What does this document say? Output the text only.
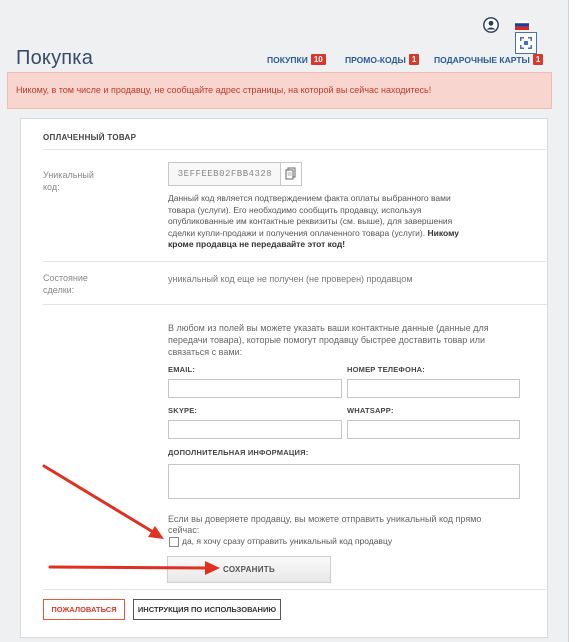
Покупка	ПОКУПКИ 10	ПРОМО-КОДЫ 1	ПОДАРОЧНЫЕ КАРТЫ 1
Никому, в том числе и продавцу, не сообщайте адрес страницы, на которой вы сейчас находитесь!
ОПЛАЧЕННЫЙ ТОВАР
Уникальный
код:
3EFFEEB02FBB4328
Данный код является подтверждением факта оплаты выбранного вами
товара (услуги). Его необходимо сообщить продавцу, используя
опубликованные им контактные реквизиты (см. выше), для завершения
сделки купли-продажи и получения оплаченного товара (услуги). Никому
кроме продавца не передавайте этот код!
Состояние
сделки:
уникальный код еще не получен (не проверен) продавцом
В любом из полей вы можете указать ваши контактные данные (данные для
передачи товара), которые помогут продавцу быстрее доставить товар или
связаться с вами:
EMAIL:	НОМЕР ТЕЛЕФОНА:
SKYPE:	WHATSAPP:
ДОПОЛНИТЕЛЬНАЯ ИНФОРМАЦИЯ:
Если вы доверяете продавцу, вы можете отправить уникальный код прямо
сейчас:
да, я хочу сразу отправить уникальный код продавцу
СОХРАНИТЬ
ПОЖАЛОВАТЬСЯ	ИНСТРУКЦИЯ ПО ИСПОЛЬЗОВАНИЮ
